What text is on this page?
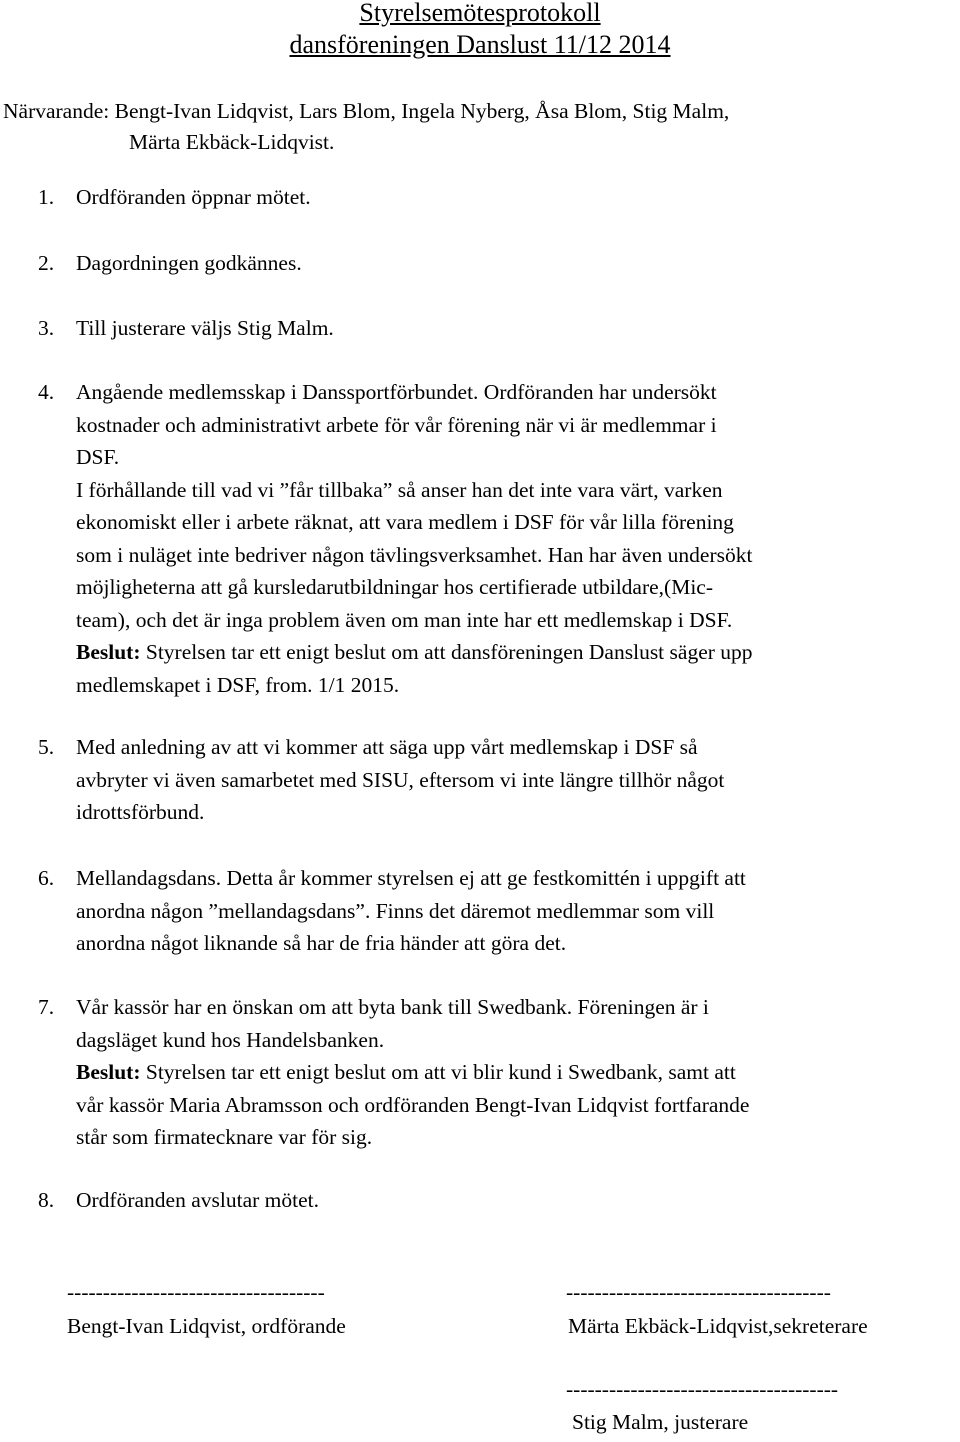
Styrelsemötesprotokoll
dansföreningen Danslust 11/12 2014
Närvarande: Bengt-Ivan Lidqvist, Lars Blom, Ingela Nyberg, Åsa Blom, Stig Malm,
Märta Ekbäck-Lidqvist.
1. Ordföranden öppnar mötet.
2. Dagordningen godkännes.
3. Till justerare väljs Stig Malm.
4. Angående medlemsskap i Danssportförbundet. Ordföranden har undersökt
kostnader och administrativt arbete för vår förening när vi är medlemmar i
DSF.
I förhållande till vad vi ”får tillbaka” så anser han det inte vara värt, varken
ekonomiskt eller i arbete räknat, att vara medlem i DSF för vår lilla förening
som i nuläget inte bedriver någon tävlingsverksamhet. Han har även undersökt
möjligheterna att gå kursledarutbildningar hos certifierade utbildare,(Mic-
team), och det är inga problem även om man inte har ett medlemskap i DSF.
Beslut: Styrelsen tar ett enigt beslut om att dansföreningen Danslust säger upp
medlemskapet i DSF, from. 1/1 2015.
5. Med anledning av att vi kommer att säga upp vårt medlemskap i DSF så
avbryter vi även samarbetet med SISU, eftersom vi inte längre tillhör något
idrottsförbund.
6. Mellandagsdans. Detta år kommer styrelsen ej att ge festkomittén i uppgift att
anordna någon ”mellandagsdans”. Finns det däremot medlemmar som vill
anordna något liknande så har de fria händer att göra det.
7. Vår kassör har en önskan om att byta bank till Swedbank. Föreningen är i
dagsläget kund hos Handelsbanken.
Beslut: Styrelsen tar ett enigt beslut om att vi blir kund i Swedbank, samt att
vår kassör Maria Abramsson och ordföranden Bengt-Ivan Lidqvist fortfarande
står som firmatecknare var för sig.
8. Ordföranden avslutar mötet.
------------------------------------
Bengt-Ivan Lidqvist, ordförande
-------------------------------------
Märta Ekbäck-Lidqvist,sekreterare
--------------------------------------
Stig Malm, justerare
